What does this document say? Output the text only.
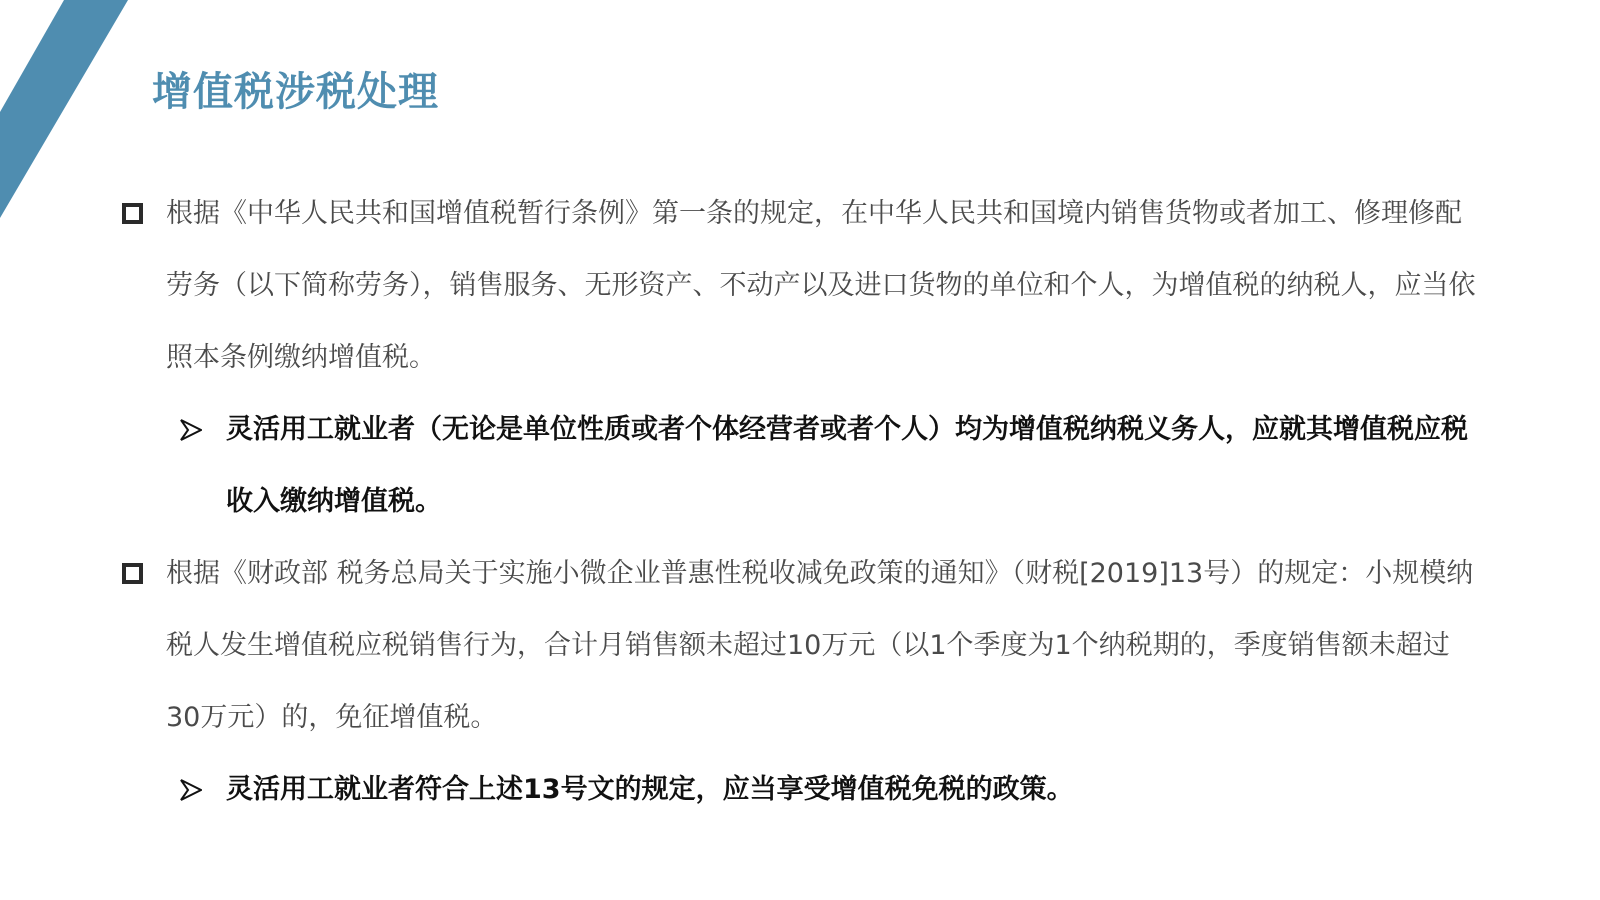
增值税涉税处理
根据《中华人民共和国增值税暂行条例》第一条的规定，在中华人民共和国境内销售货物或者加工、修理修配劳务（以下简称劳务），销售服务、无形资产、不动产以及进口货物的单位和个人，为增值税的纳税人，应当依照本条例缴纳增值税。
灵活用工就业者（无论是单位性质或者个体经营者或者个人）均为增值税纳税义务人，应就其增值税应税收入缴纳增值税。
根据《财政部 税务总局关于实施小微企业普惠性税收减免政策的通知》（财税[2019]13号）的规定：小规模纳税人发生增值税应税销售行为，合计月销售额未超过10万元（以1个季度为1个纳税期的，季度销售额未超过30万元）的，免征增值税。
灵活用工就业者符合上述13号文的规定，应当享受增值税免税的政策。
